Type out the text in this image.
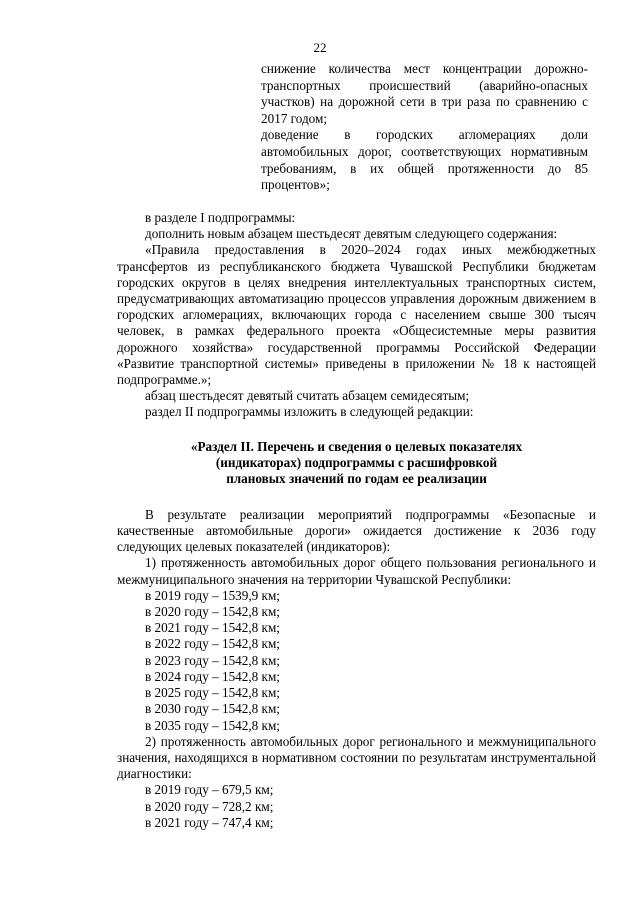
22

снижение количества мест концентрации дорожно-транспортных происшествий (аварийно-опасных участков) на дорожной сети в три раза по сравнению с 2017 годом;

доведение в городских агломерациях доли автомобильных дорог, соответствующих нормативным требованиям, в их общей протяженности до 85 процентов»;

в разделе I подпрограммы:

дополнить новым абзацем шестьдесят девятым следующего содержания:

«Правила предоставления в 2020–2024 годах иных межбюджетных трансфертов из республиканского бюджета Чувашской Республики бюджетам городских округов в целях внедрения интеллектуальных транспортных систем, предусматривающих автоматизацию процессов управления дорожным движением в городских агломерациях, включающих города с населением свыше 300 тысяч человек, в рамках федерального проекта «Общесистемные меры развития дорожного хозяйства» государственной программы Российской Федерации «Развитие транспортной системы» приведены в приложении № 18 к настоящей подпрограмме.»;

абзац шестьдесят девятый считать абзацем семидесятым;

раздел II подпрограммы изложить в следующей редакции:

«Раздел II. Перечень и сведения о целевых показателях
(индикаторах) подпрограммы с расшифровкой
плановых значений по годам ее реализации

В результате реализации мероприятий подпрограммы «Безопасные и качественные автомобильные дороги» ожидается достижение к 2036 году следующих целевых показателей (индикаторов):

1) протяженность автомобильных дорог общего пользования регионального и межмуниципального значения на территории Чувашской Республики:

в 2019 году – 1539,9 км;

в 2020 году – 1542,8 км;

в 2021 году – 1542,8 км;

в 2022 году – 1542,8 км;

в 2023 году – 1542,8 км;

в 2024 году – 1542,8 км;

в 2025 году – 1542,8 км;

в 2030 году – 1542,8 км;

в 2035 году – 1542,8 км;

2) протяженность автомобильных дорог регионального и межмуниципального значения, находящихся в нормативном состоянии по результатам инструментальной диагностики:

в 2019 году – 679,5 км;

в 2020 году – 728,2 км;

в 2021 году – 747,4 км;
